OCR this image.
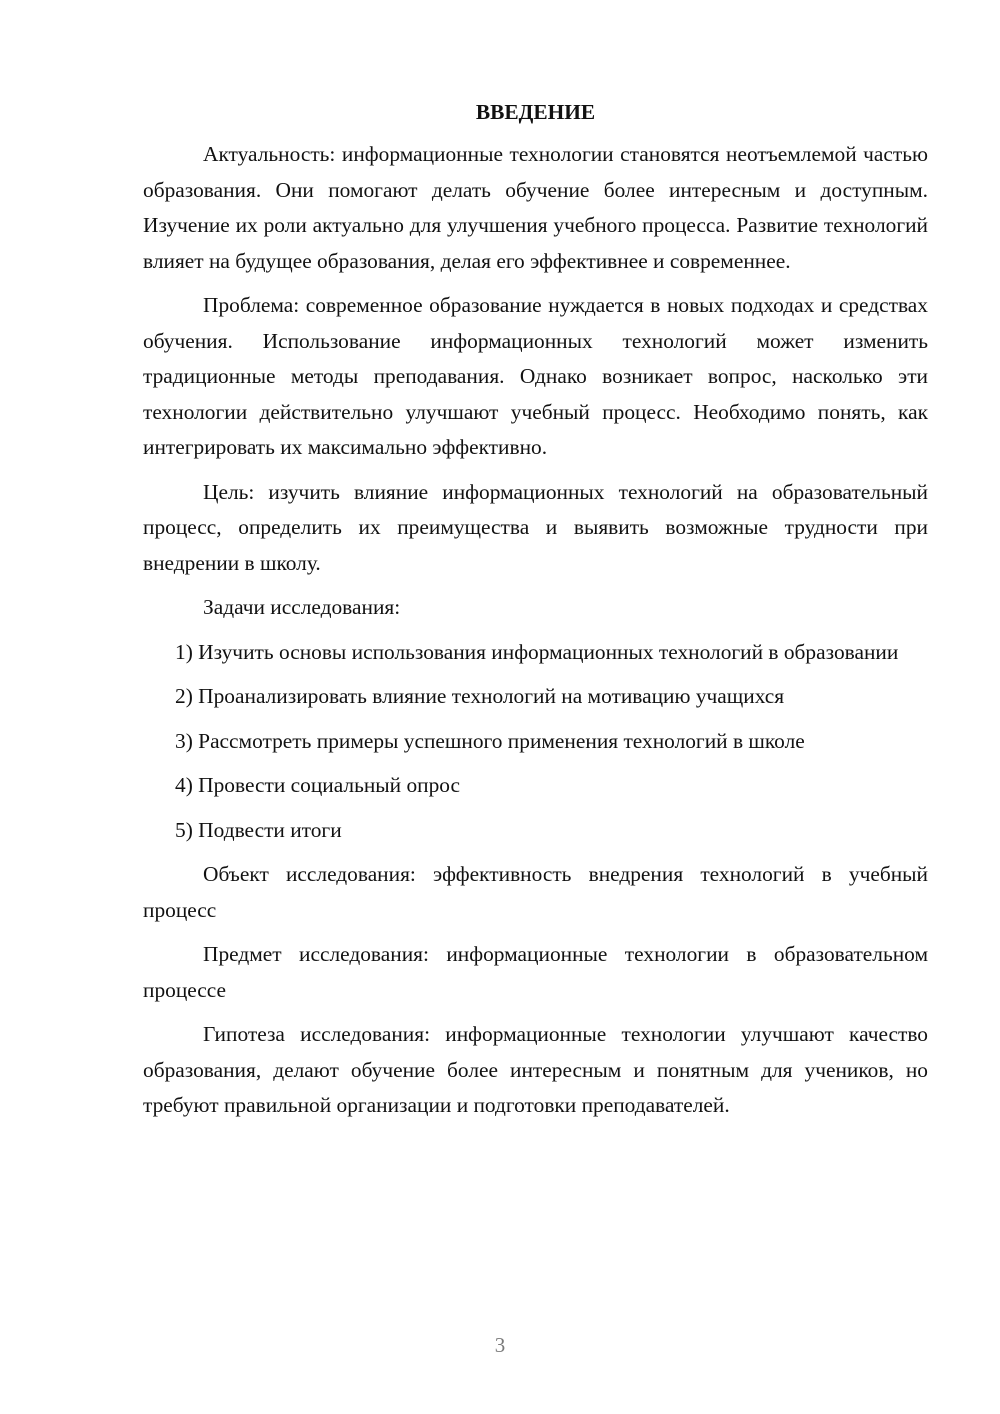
ВВЕДЕНИЕ

Актуальность: информационные технологии становятся неотъемлемой частью образования. Они помогают делать обучение более интересным и доступным. Изучение их роли актуально для улучшения учебного процесса. Развитие технологий влияет на будущее образования, делая его эффективнее и современнее.

Проблема: современное образование нуждается в новых подходах и средствах обучения. Использование информационных технологий может изменить традиционные методы преподавания. Однако возникает вопрос, насколько эти технологии действительно улучшают учебный процесс. Необходимо понять, как интегрировать их максимально эффективно.

Цель: изучить влияние информационных технологий на образовательный процесс, определить их преимущества и выявить возможные трудности при внедрении в школу.

Задачи исследования:

1) Изучить основы использования информационных технологий в образовании

2) Проанализировать влияние технологий на мотивацию учащихся

3) Рассмотреть примеры успешного применения технологий в школе

4) Провести социальный опрос

5) Подвести итоги

Объект исследования: эффективность внедрения технологий в учебный процесс

Предмет исследования: информационные технологии в образовательном процессе

Гипотеза исследования: информационные технологии улучшают качество образования, делают обучение более интересным и понятным для учеников, но требуют правильной организации и подготовки преподавателей.

3
